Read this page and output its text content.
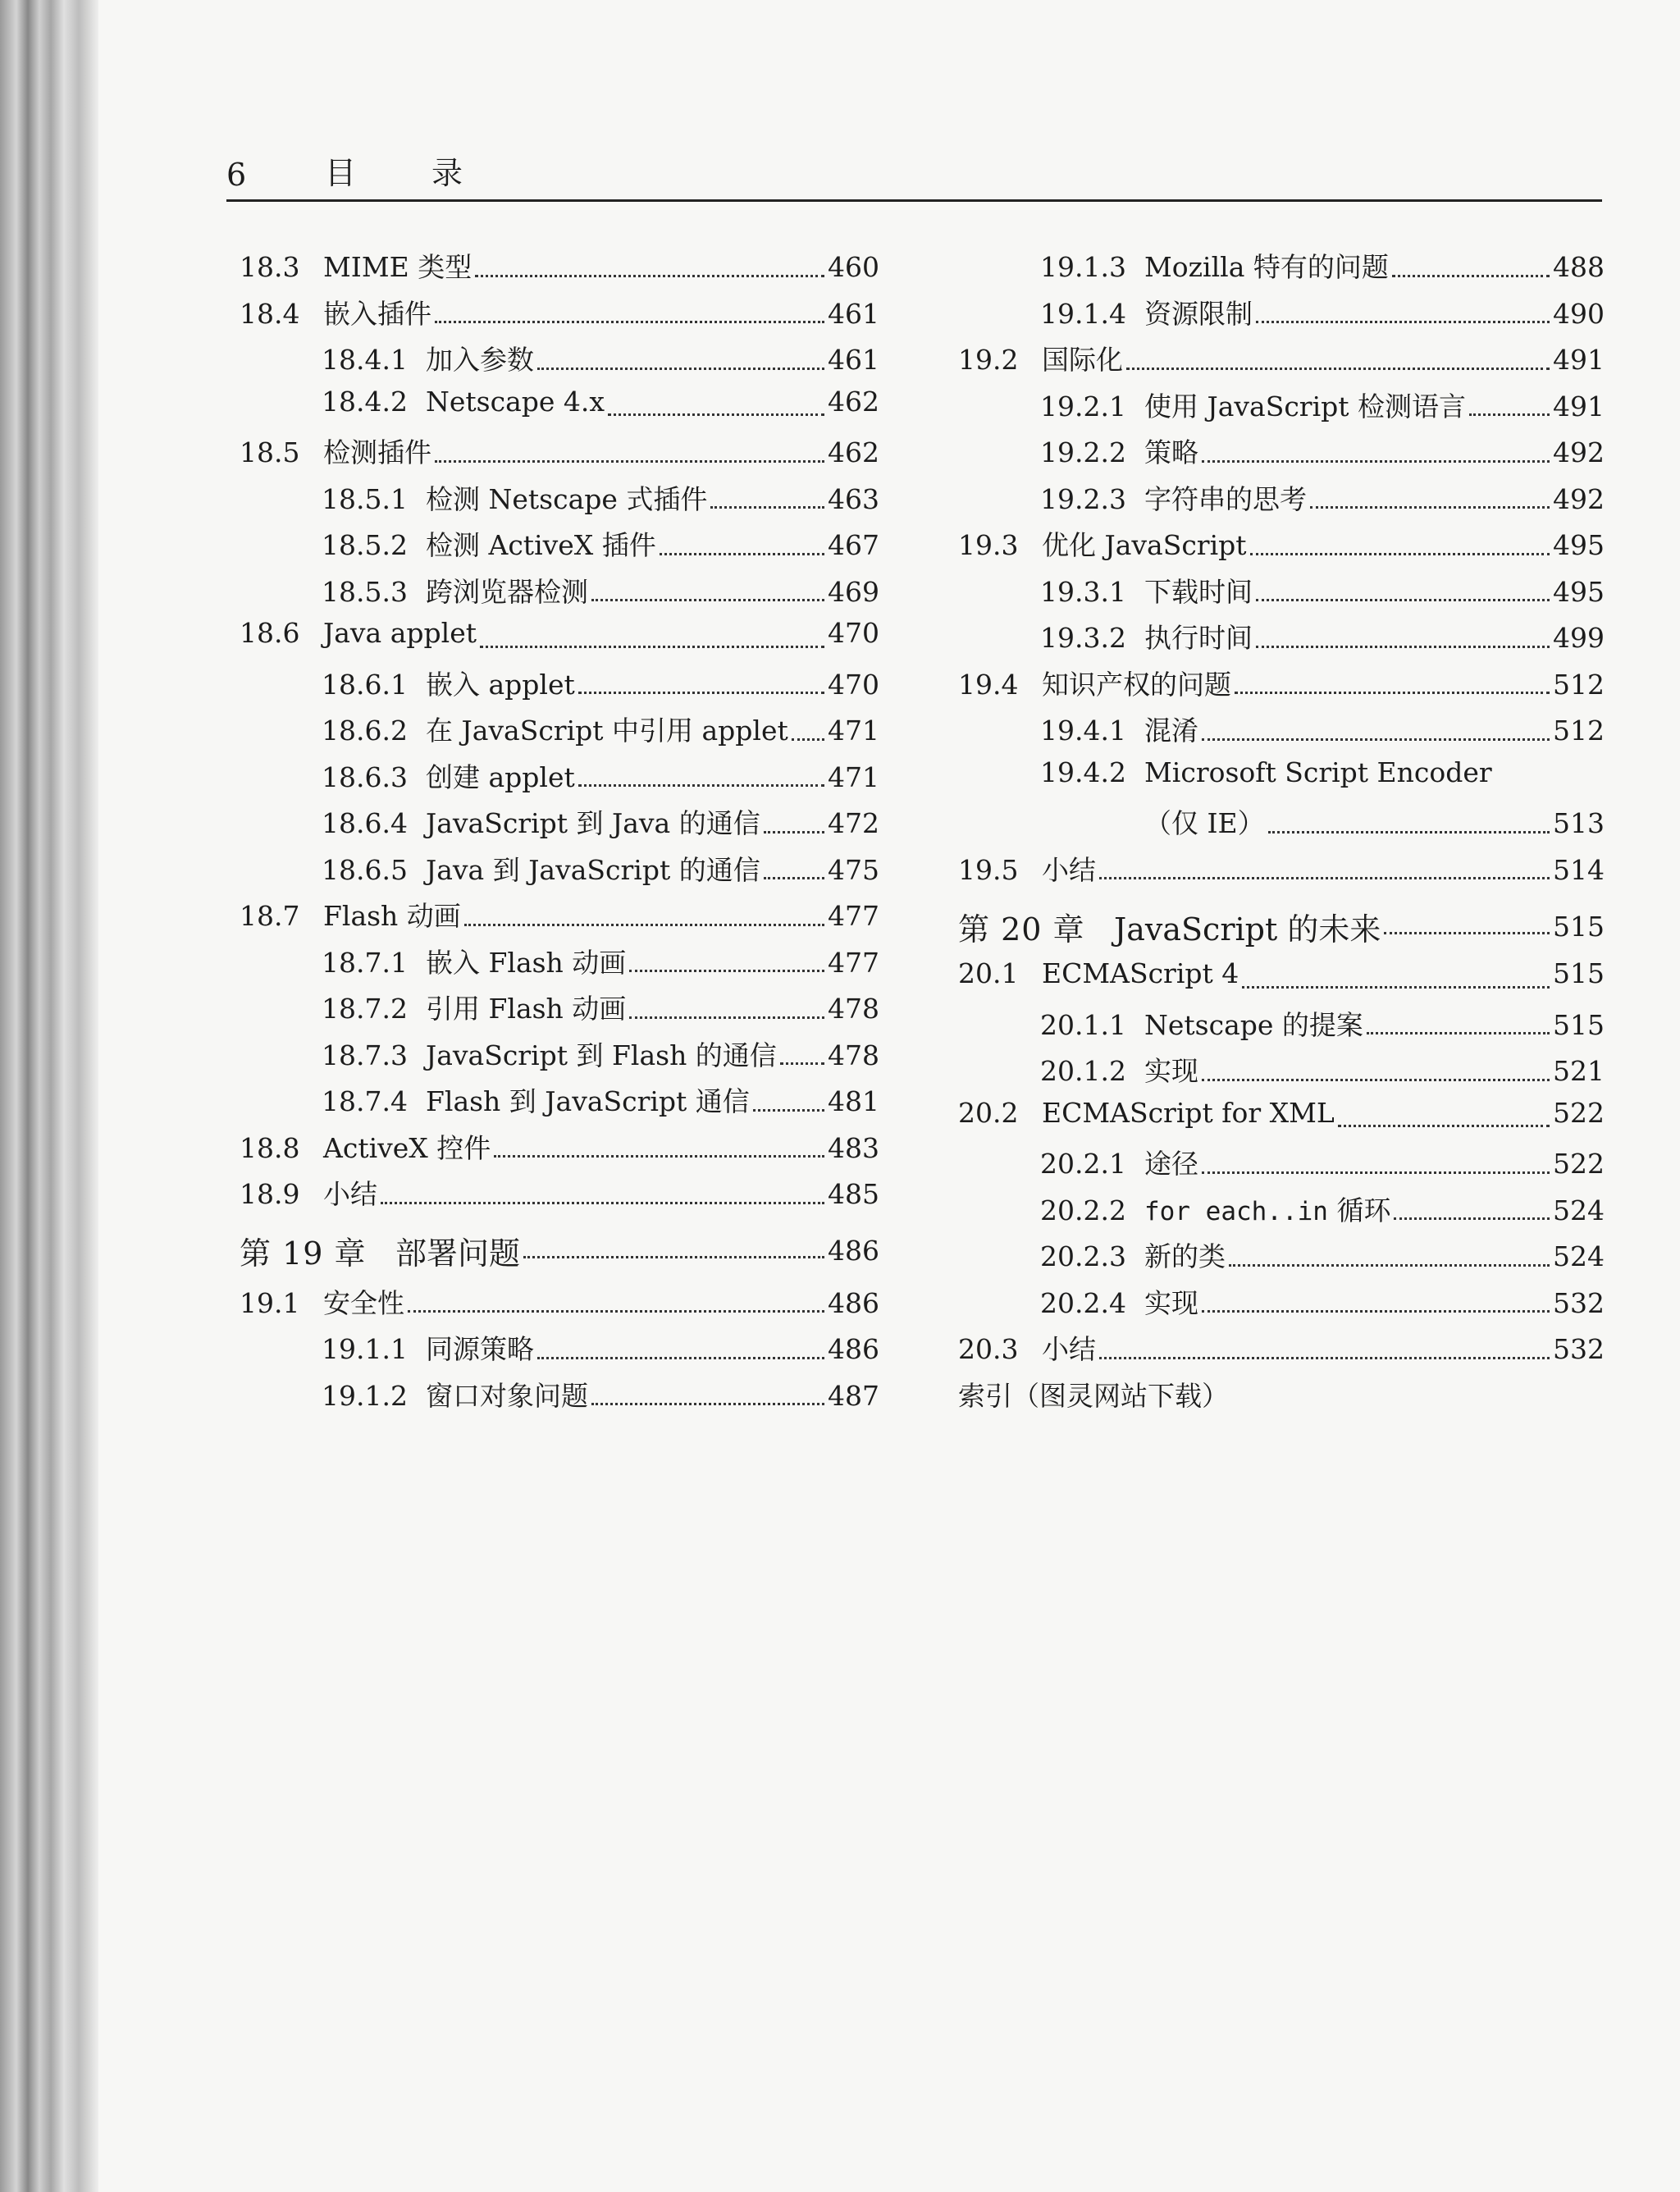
6	目	录
18.3 MIME 类型	460
18.4 嵌入插件	461
18.4.1 加入参数	461
18.4.2 Netscape 4.x	462
18.5 检测插件	462
18.5.1 检测 Netscape 式插件	463
18.5.2 检测 ActiveX 插件	467
18.5.3 跨浏览器检测	469
18.6 Java applet	470
18.6.1 嵌入 applet	470
18.6.2 在 JavaScript 中引用 applet 471
18.6.3 创建 applet	471
18.6.4 JavaScript 到 Java 的通信 472
18.6.5 Java 到 JavaScript 的通信 475
18.7 Flash 动画	477
18.7.1 嵌入 Flash 动画	477
18.7.2 引用 Flash 动画	478
18.7.3 JavaScript 到 Flash 的通信 478
18.7.4 Flash 到 JavaScript 通信	481
18.8 ActiveX 控件	483
18.9 小结	485
第 19 章 部署问题	486
19.1 安全性	486
19.1.1 同源策略	486
19.1.2 窗口对象问题	487
19.1.3 Mozilla 特有的问题	488
19.1.4 资源限制	490
19.2 国际化	491
19.2.1 使用 JavaScript 检测语言	491
19.2.2 策略	492
19.2.3 字符串的思考	492
19.3 优化 JavaScript	495
19.3.1 下载时间	495
19.3.2 执行时间	499
19.4 知识产权的问题	512
19.4.1 混淆	512
19.4.2 Microsoft Script Encoder
（仅 IE）	513
19.5 小结	514
第 20 章 JavaScript 的未来	515
20.1 ECMAScript 4	515
20.1.1 Netscape 的提案	515
20.1.2 实现	521
20.2 ECMAScript for XML	522
20.2.1 途径	522
20.2.2 for each..in 循环	524
20.2.3 新的类	524
20.2.4 实现	532
20.3 小结	532
索引（图灵网站下载）
